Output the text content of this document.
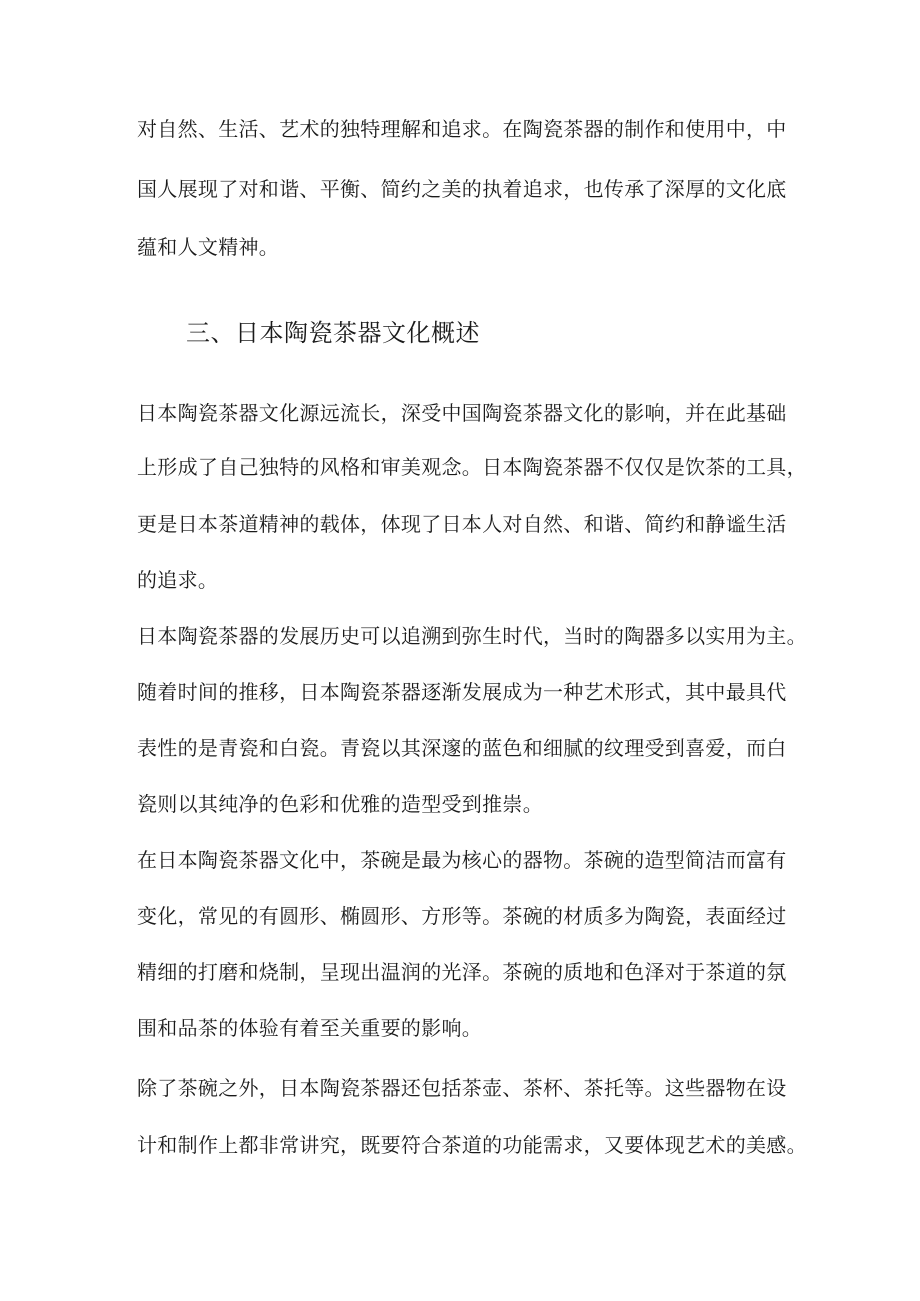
对自然、生活、艺术的独特理解和追求。在陶瓷茶器的制作和使用中，中

国人展现了对和谐、平衡、简约之美的执着追求，也传承了深厚的文化底

蕴和人文精神。

三、日本陶瓷茶器文化概述

日本陶瓷茶器文化源远流长，深受中国陶瓷茶器文化的影响，并在此基础

上形成了自己独特的风格和审美观念。日本陶瓷茶器不仅仅是饮茶的工具，

更是日本茶道精神的载体，体现了日本人对自然、和谐、简约和静谧生活

的追求。

日本陶瓷茶器的发展历史可以追溯到弥生时代，当时的陶器多以实用为主。

随着时间的推移，日本陶瓷茶器逐渐发展成为一种艺术形式，其中最具代

表性的是青瓷和白瓷。青瓷以其深邃的蓝色和细腻的纹理受到喜爱，而白

瓷则以其纯净的色彩和优雅的造型受到推崇。

在日本陶瓷茶器文化中，茶碗是最为核心的器物。茶碗的造型简洁而富有

变化，常见的有圆形、椭圆形、方形等。茶碗的材质多为陶瓷，表面经过

精细的打磨和烧制，呈现出温润的光泽。茶碗的质地和色泽对于茶道的氛

围和品茶的体验有着至关重要的影响。

除了茶碗之外，日本陶瓷茶器还包括茶壶、茶杯、茶托等。这些器物在设

计和制作上都非常讲究，既要符合茶道的功能需求，又要体现艺术的美感。
